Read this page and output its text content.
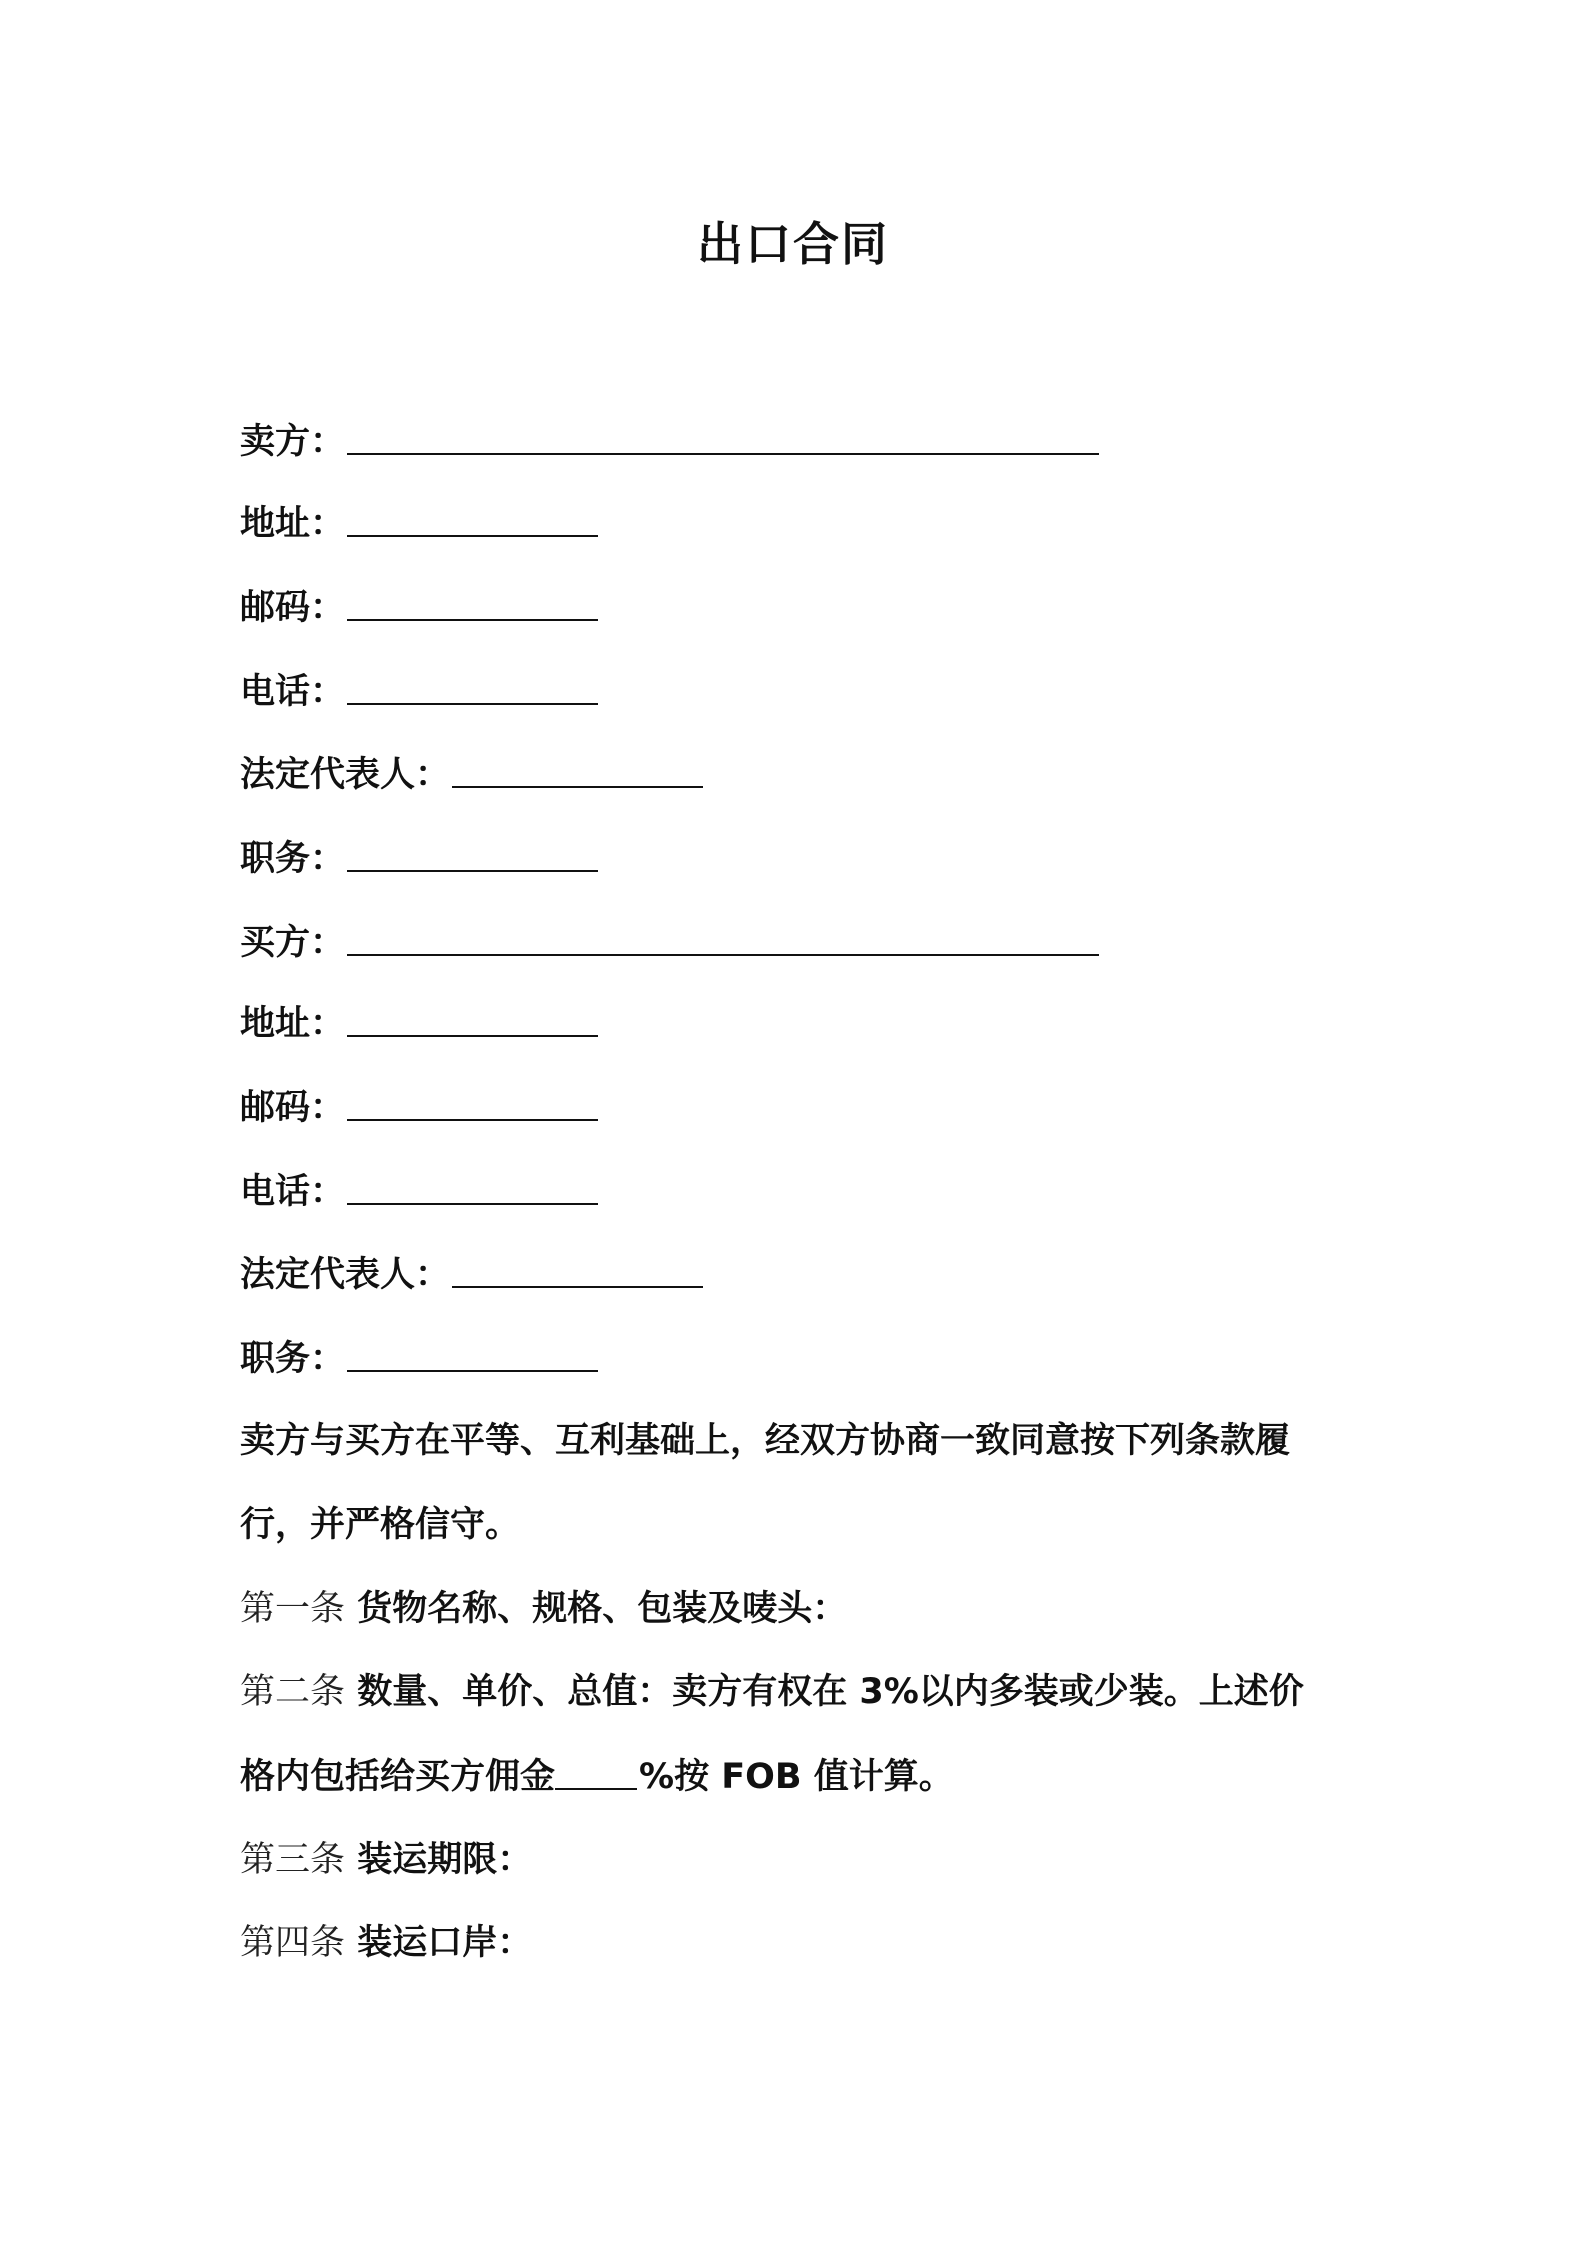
出口合同
卖方：
地址：
邮码：
电话：
法定代表人：
职务：
买方：
地址：
邮码：
电话：
法定代表人：
职务：
卖方与买方在平等、互利基础上，经双方协商一致同意按下列条款履
行，并严格信守。
第一条 货物名称、规格、包装及唛头：
第二条 数量、单价、总值：卖方有权在 3%以内多装或少装。上述价
格内包括给买方佣金 %按 FOB 值计算。
第三条 装运期限：
第四条 装运口岸：
